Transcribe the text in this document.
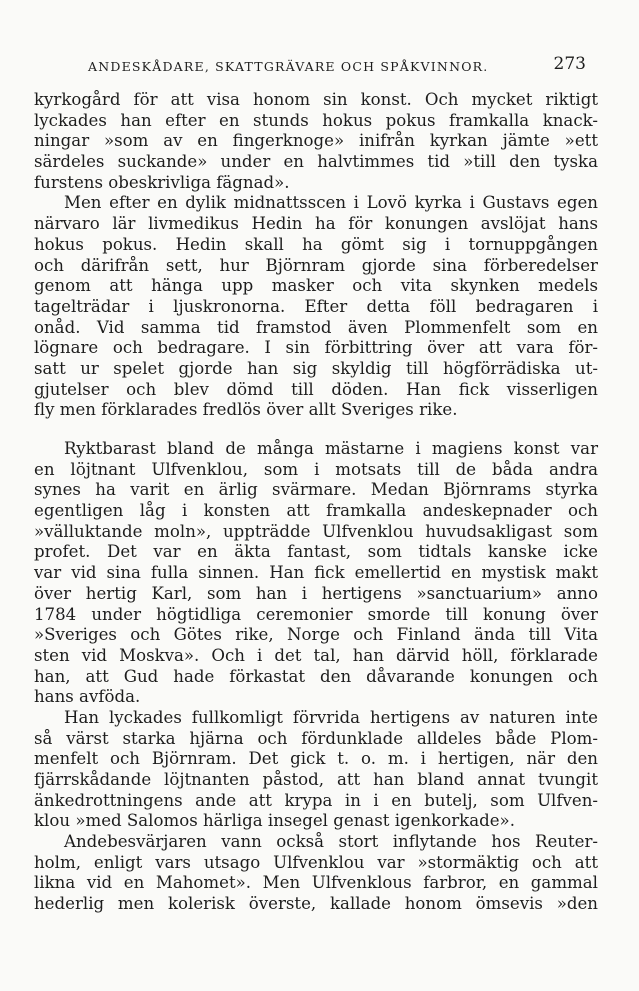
ANDESKÅDARE, SKATTGRÄVARE OCH SPÅKVINNOR.	273
kyrkogård för att visa honom sin konst. Och mycket riktigt
lyckades han efter en stunds hokus pokus framkalla knack-
ningar »som av en fingerknoge» inifrån kyrkan jämte »ett
särdeles suckande» under en halvtimmes tid »till den tyska
furstens obeskrivliga fägnad».
Men efter en dylik midnattsscen i Lovö kyrka i Gustavs egen
närvaro lär livmedikus Hedin ha för konungen avslöjat hans
hokus pokus. Hedin skall ha gömt sig i tornuppgången
och därifrån sett, hur Björnram gjorde sina förberedelser
genom att hänga upp masker och vita skynken medels
tagelträdar i ljuskronorna. Efter detta föll bedragaren i
onåd. Vid samma tid framstod även Plommenfelt som en
lögnare och bedragare. I sin förbittring över att vara för-
satt ur spelet gjorde han sig skyldig till högförrädiska ut-
gjutelser och blev dömd till döden. Han fick visserligen
fly men förklarades fredlös över allt Sveriges rike.
Ryktbarast bland de många mästarne i magiens konst var
en löjtnant Ulfvenklou, som i motsats till de båda andra
synes ha varit en ärlig svärmare. Medan Björnrams styrka
egentligen låg i konsten att framkalla andeskepnader och
»välluktande moln», uppträdde Ulfvenklou huvudsakligast som
profet. Det var en äkta fantast, som tidtals kanske icke
var vid sina fulla sinnen. Han fick emellertid en mystisk makt
över hertig Karl, som han i hertigens »sanctuarium» anno
1784 under högtidliga ceremonier smorde till konung över
»Sveriges och Götes rike, Norge och Finland ända till Vita
sten vid Moskva». Och i det tal, han därvid höll, förklarade
han, att Gud hade förkastat den dåvarande konungen och
hans avföda.
Han lyckades fullkomligt förvrida hertigens av naturen inte
så värst starka hjärna och fördunklade alldeles både Plom-
menfelt och Björnram. Det gick t. o. m. i hertigen, när den
fjärrskådande löjtnanten påstod, att han bland annat tvungit
änkedrottningens ande att krypa in i en butelj, som Ulfven-
klou »med Salomos härliga insegel genast igenkorkade».
Andebesvärjaren vann också stort inflytande hos Reuter-
holm, enligt vars utsago Ulfvenklou var »stormäktig och att
likna vid en Mahomet». Men Ulfvenklous farbror, en gammal
hederlig men kolerisk överste, kallade honom ömsevis »den
